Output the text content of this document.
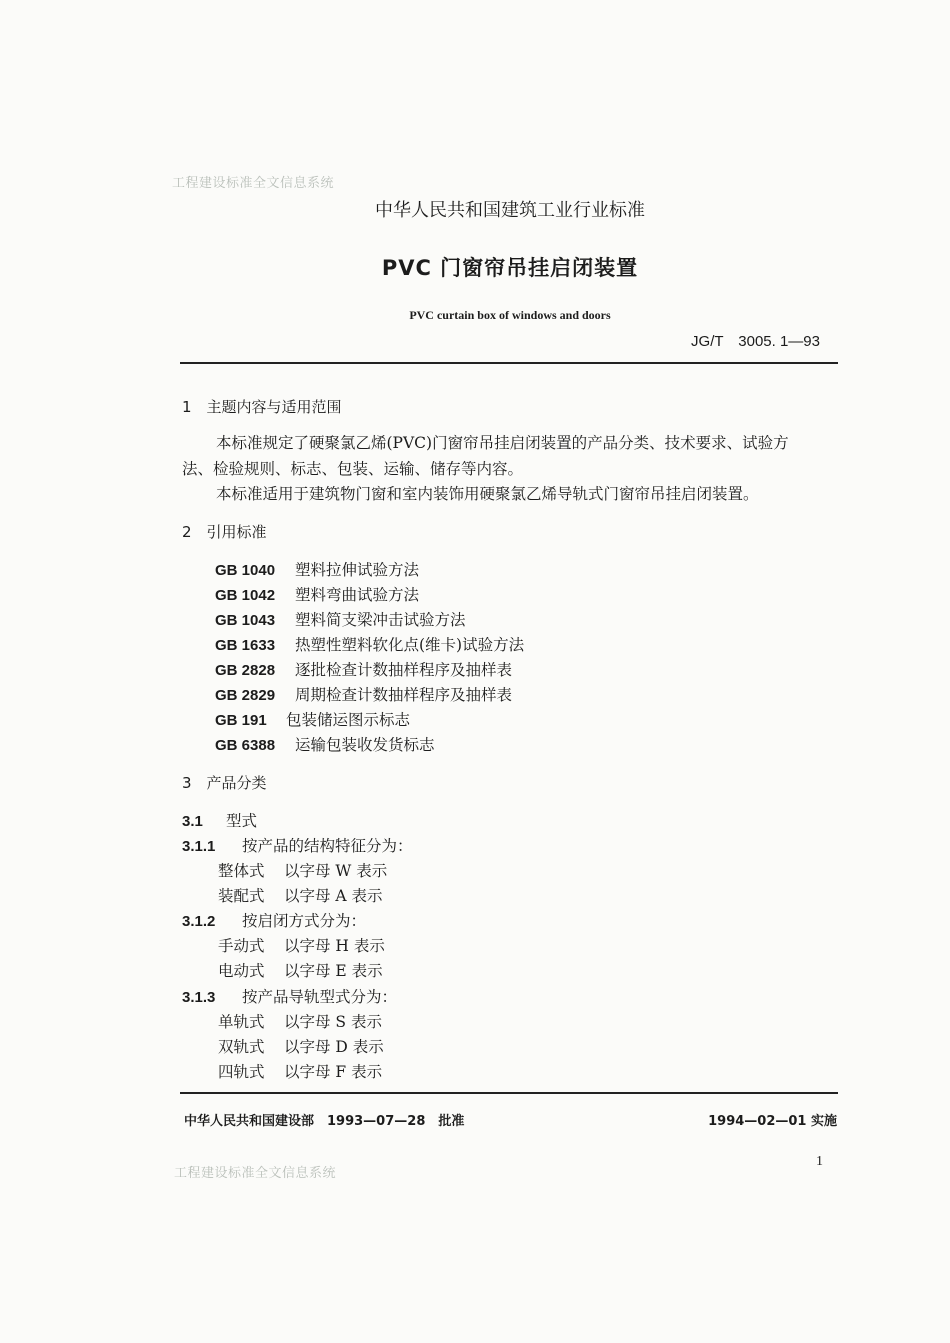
工程建设标准全文信息系统
中华人民共和国建筑工业行业标准
PVC 门窗帘吊挂启闭装置
PVC curtain box of windows and doors
JG/T　3005. 1—93
1　主题内容与适用范围
本标准规定了硬聚氯乙烯(PVC)门窗帘吊挂启闭装置的产品分类、技术要求、试验方
法、检验规则、标志、包装、运输、储存等内容。
本标准适用于建筑物门窗和室内装饰用硬聚氯乙烯导轨式门窗帘吊挂启闭装置。
2　引用标准
GB 1040 塑料拉伸试验方法
GB 1042 塑料弯曲试验方法
GB 1043 塑料简支梁冲击试验方法
GB 1633 热塑性塑料软化点(维卡)试验方法
GB 2828 逐批检查计数抽样程序及抽样表
GB 2829 周期检查计数抽样程序及抽样表
GB 191 包装储运图示标志
GB 6388 运输包装收发货标志
3　产品分类
3.1 型式
3.1.1 按产品的结构特征分为：
整体式 以字母 W 表示
装配式 以字母 A 表示
3.1.2 按启闭方式分为：
手动式 以字母 H 表示
电动式 以字母 E 表示
3.1.3 按产品导轨型式分为：
单轨式 以字母 S 表示
双轨式 以字母 D 表示
四轨式 以字母 F 表示
中华人民共和国建设部　1993—07—28　批准	1994—02—01 实施
工程建设标准全文信息系统
1
